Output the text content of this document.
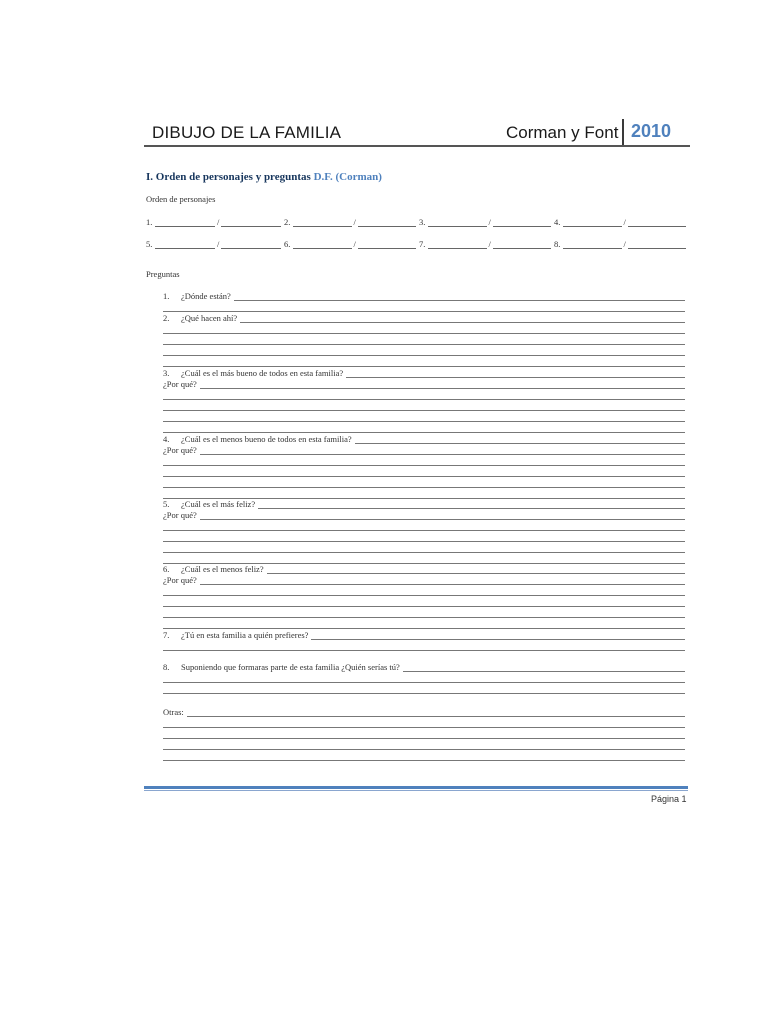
DIBUJO DE LA FAMILIA	Corman y Font 2010
I. Orden de personajes y preguntas D.F. (Corman)
Orden de personajes
1.	/	2.	/	3.	/	4.	/
5.	/	6.	/	7.	/	8.	/
Preguntas
1.	¿Dónde están?
2.	¿Qué hacen ahí?
3.	¿Cuál es el más bueno de todos en esta familia?
¿Por qué?
4.	¿Cuál es el menos bueno de todos en esta familia?
¿Por qué?
5.	¿Cuál es el más feliz?
¿Por qué?
6.	¿Cuál es el menos feliz?
¿Por qué?
7.	¿Tú en esta familia a quién prefieres?
8.	Suponiendo que formaras parte de esta familia ¿Quién serías tú?
Otras:
Página 1
